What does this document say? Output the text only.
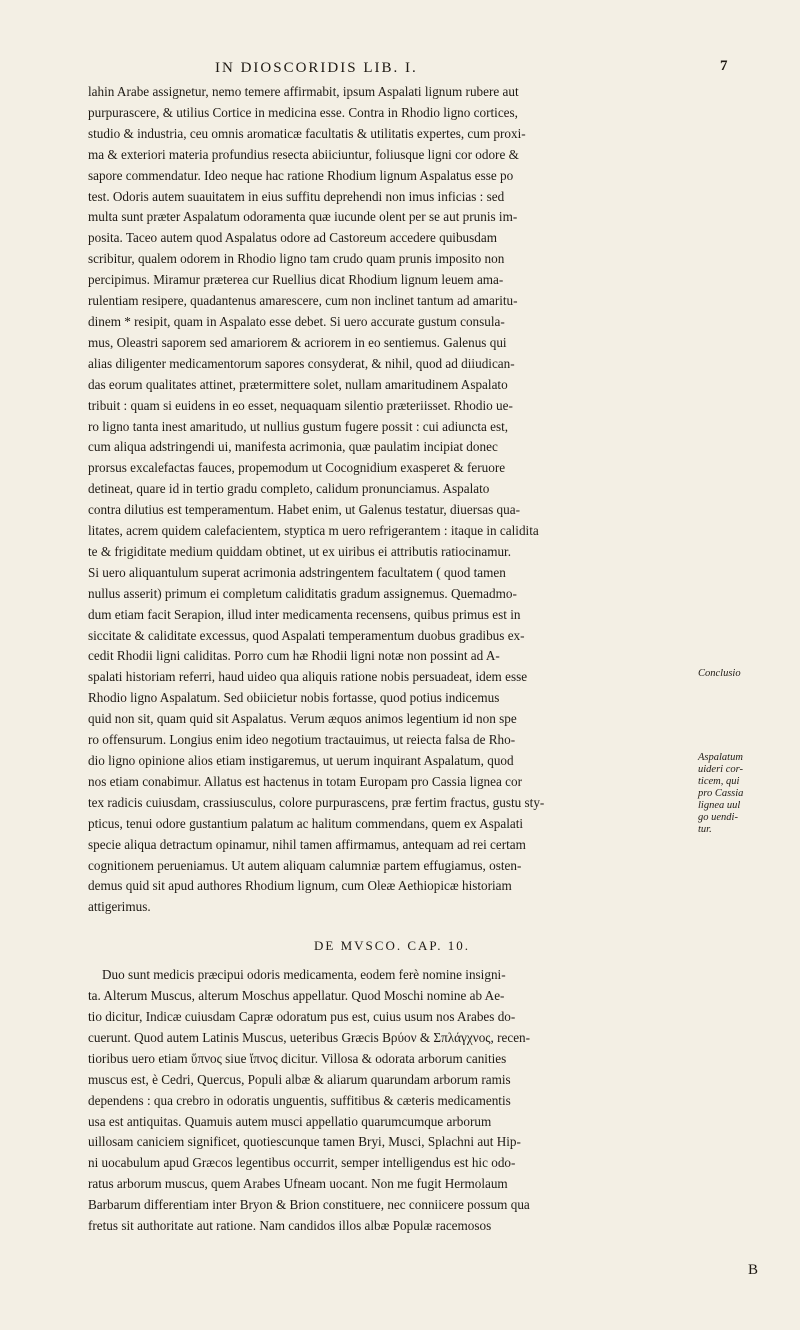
IN DIOSCORIDIS LIB. I.	7
lahin Arabe assignetur, nemo temere affirmabit, ipsum Aspalati lignum rubere aut
purpurascere, & utilius Cortice in medicina esse. Contra in Rhodio ligno cortices,
studio & industria, ceu omnis aromaticæ facultatis & utilitatis expertes, cum proxi-
ma & exteriori materia profundius resecta abiiciuntur, foliusque ligni cor odore &
sapore commendatur. Ideo neque hac ratione Rhodium lignum Aspalatus esse po
test. Odoris autem suauitatem in eius suffitu deprehendi non imus inficias : sed
multa sunt præter Aspalatum odoramenta quæ iucunde olent per se aut prunis im-
posita. Taceo autem quod Aspalatus odore ad Castoreum accedere quibusdam
scribitur, qualem odorem in Rhodio ligno tam crudo quam prunis imposito non
percipimus. Miramur præterea cur Ruellius dicat Rhodium lignum leuem ama-
rulentiam resipere, quadantenus amarescere, cum non inclinet tantum ad amaritu-
dinem * resipit, quam in Aspalato esse debet. Si uero accurate gustum consula-
mus, Oleastri saporem sed amariorem & acriorem in eo sentiemus. Galenus qui
alias diligenter medicamentorum sapores consyderat, & nihil, quod ad diiudican-
das eorum qualitates attinet, prætermittere solet, nullam amaritudinem Aspalato
tribuit : quam si euidens in eo esset, nequaquam silentio præteriisset. Rhodio ue-
ro ligno tanta inest amaritudo, ut nullius gustum fugere possit : cui adiuncta est,
cum aliqua adstringendi ui, manifesta acrimonia, quæ paulatim incipiat donec
prorsus excalefactas fauces, propemodum ut Cocognidium exasperet & feruore
detineat, quare id in tertio gradu completo, calidum pronunciamus. Aspalato
contra dilutius est temperamentum. Habet enim, ut Galenus testatur, diuersas qua-
litates, acrem quidem calefacientem, styptica m uero refrigerantem : itaque in calidita
te & frigiditate medium quiddam obtinet, ut ex uiribus ei attributis ratiocinamur.
Si uero aliquantulum superat acrimonia adstringentem facultatem ( quod tamen
nullus asserit) primum ei completum caliditatis gradum assignemus. Quemadmo-
dum etiam facit Serapion, illud inter medicamenta recensens, quibus primus est in
siccitate & caliditate excessus, quod Aspalati temperamentum duobus gradibus ex-
cedit Rhodii ligni caliditas. Porro cum hæ Rhodii ligni notæ non possint ad A-
spalati historiam referri, haud uideo qua aliquis ratione nobis persuadeat, idem esse
Rhodio ligno Aspalatum. Sed obiicietur nobis fortasse, quod potius indicemus
quid non sit, quam quid sit Aspalatus. Verum æquos animos legentium id non spe
ro offensurum. Longius enim ideo negotium tractauimus, ut reiecta falsa de Rho-
dio ligno opinione alios etiam instigaremus, ut uerum inquirant Aspalatum, quod
nos etiam conabimur. Allatus est hactenus in totam Europam pro Cassia lignea cor
tex radicis cuiusdam, crassiusculus, colore purpurascens, præ fertim fractus, gustu sty-
pticus, tenui odore gustantium palatum ac halitum commendans, quem ex Aspalati
specie aliqua detractum opinamur, nihil tamen affirmamus, antequam ad rei certam
cognitionem perueniamus. Ut autem aliquam calumniæ partem effugiamus, osten-
demus quid sit apud authores Rhodium lignum, cum Oleæ Aethiopicæ historiam
attigerimus.
DE MVSCO. CAP. 10.
Duo sunt medicis præcipui odoris medicamenta, eodem ferè nomine insigni-
ta. Alterum Muscus, alterum Moschus appellatur. Quod Moschi nomine ab Ae-
tio dicitur, Indicæ cuiusdam Capræ odoratum pus est, cuius usum nos Arabes do-
cuerunt. Quod autem Latinis Muscus, ueteribus Græcis Βρύον & Σπλάγχνος, recen-
tioribus uero etiam ὕπνος siue ἴπνος dicitur. Villosa & odorata arborum canities
muscus est, è Cedri, Quercus, Populi albæ & aliarum quarundam arborum ramis
dependens : qua crebro in odoratis unguentis, suffitibus & cæteris medicamentis
usa est antiquitas. Quamuis autem musci appellatio quarumcumque arborum
uillosam caniciem significet, quotiescunque tamen Bryi, Musci, Splachni aut Hip-
ni uocabulum apud Græcos legentibus occurrit, semper intelligendus est hic odo-
ratus arborum muscus, quem Arabes Ufneam uocant. Non me fugit Hermolaum
Barbarum differentiam inter Bryon & Brion constituere, nec conniicere possum qua
fretus sit authoritate aut ratione. Nam candidos illos albæ Populæ racemosos
Conclusio
Aspalatum
uideri cor-
ticem, qui
pro Cassia
lignea uul
go uendi-
tur.
B
